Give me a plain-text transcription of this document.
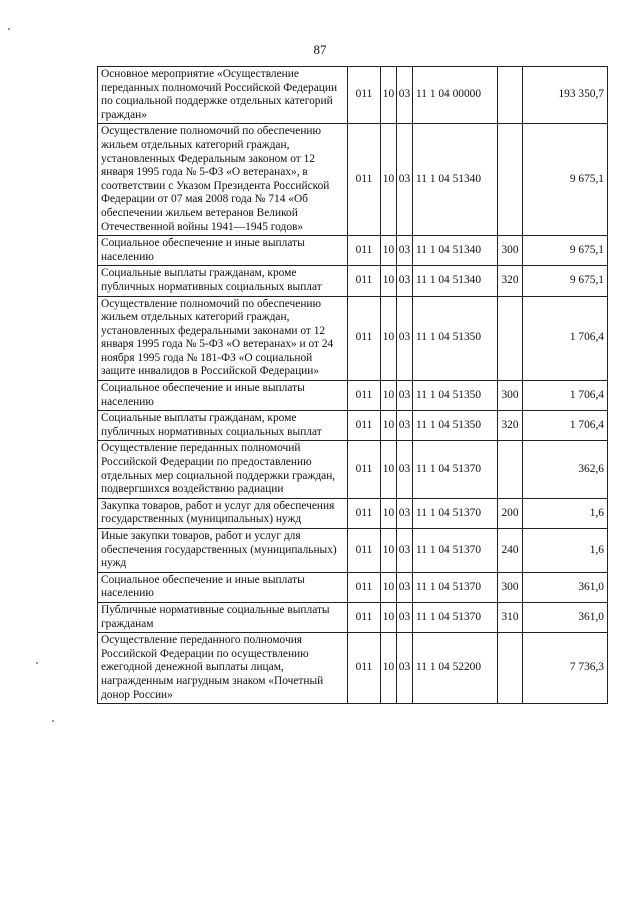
87
Основное мероприятие «Осуществление переданных полномочий Российской Федерации по социальной поддержке отдельных категорий граждан»	011	10	03	11 1 04 00000		193 350,7
Осуществление полномочий по обеспечению жильем отдельных категорий граждан, установленных Федеральным законом от 12 января 1995 года № 5-ФЗ «О ветеранах», в соответствии с Указом Президента Российской Федерации от 07 мая 2008 года № 714 «Об обеспечении жильем ветеранов Великой Отечественной войны 1941—1945 годов»	011	10	03	11 1 04 51340		9 675,1
Социальное обеспечение и иные выплаты населению	011	10	03	11 1 04 51340	300	9 675,1
Социальные выплаты гражданам, кроме публичных нормативных социальных выплат	011	10	03	11 1 04 51340	320	9 675,1
Осуществление полномочий по обеспечению жильем отдельных категорий граждан, установленных федеральными законами от 12 января 1995 года № 5-ФЗ «О ветеранах» и от 24 ноября 1995 года № 181-ФЗ «О социальной защите инвалидов в Российской Федерации»	011	10	03	11 1 04 51350		1 706,4
Социальное обеспечение и иные выплаты населению	011	10	03	11 1 04 51350	300	1 706,4
Социальные выплаты гражданам, кроме публичных нормативных социальных выплат	011	10	03	11 1 04 51350	320	1 706,4
Осуществление переданных полномочий Российской Федерации по предоставлению отдельных мер социальной поддержки граждан, подвергшихся воздействию радиации	011	10	03	11 1 04 51370		362,6
Закупка товаров, работ и услуг для обеспечения государственных (муниципальных) нужд	011	10	03	11 1 04 51370	200	1,6
Иные закупки товаров, работ и услуг для обеспечения государственных (муниципальных) нужд	011	10	03	11 1 04 51370	240	1,6
Социальное обеспечение и иные выплаты населению	011	10	03	11 1 04 51370	300	361,0
Публичные нормативные социальные выплаты гражданам	011	10	03	11 1 04 51370	310	361,0
Осуществление переданного полномочия Российской Федерации по осуществлению ежегодной денежной выплаты лицам, награжденным нагрудным знаком «Почетный донор России»	011	10	03	11 1 04 52200		7 736,3
